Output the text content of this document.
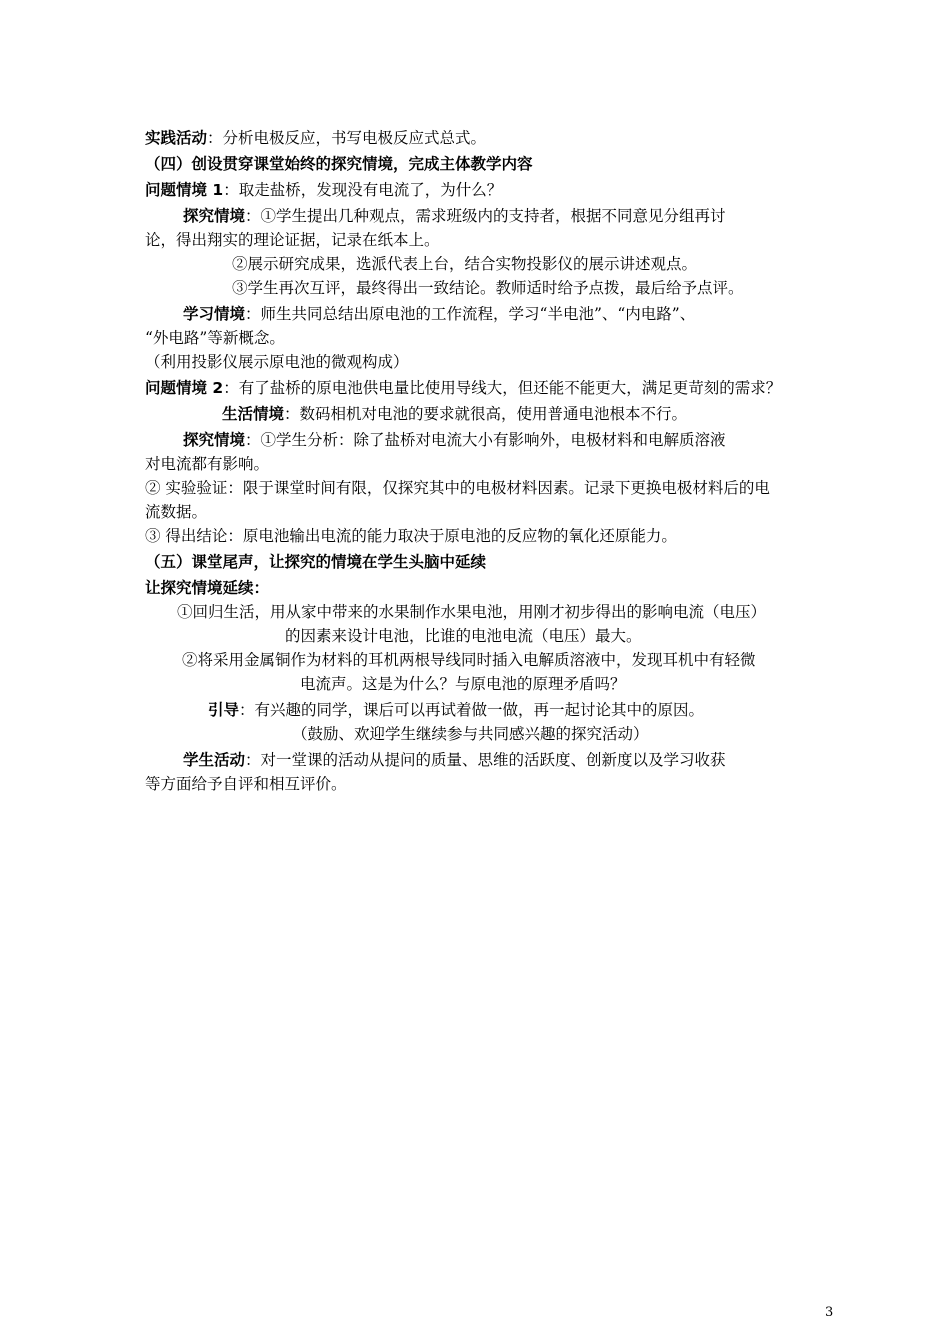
实践活动：分析电极反应，书写电极反应式总式。
（四）创设贯穿课堂始终的探究情境，完成主体教学内容
问题情境 1：取走盐桥，发现没有电流了，为什么？
探究情境：①学生提出几种观点，需求班级内的支持者，根据不同意见分组再讨
论，得出翔实的理论证据，记录在纸本上。
②展示研究成果，选派代表上台，结合实物投影仪的展示讲述观点。
③学生再次互评，最终得出一致结论。教师适时给予点拨，最后给予点评。
学习情境：师生共同总结出原电池的工作流程，学习“半电池”、“内电路”、
“外电路”等新概念。
（利用投影仪展示原电池的微观构成）
问题情境 2：有了盐桥的原电池供电量比使用导线大，但还能不能更大，满足更苛刻的需求？
生活情境：数码相机对电池的要求就很高，使用普通电池根本不行。
探究情境：①学生分析：除了盐桥对电流大小有影响外，电极材料和电解质溶液
对电流都有影响。
② 实验验证：限于课堂时间有限，仅探究其中的电极材料因素。记录下更换电极材料后的电
流数据。
③ 得出结论：原电池输出电流的能力取决于原电池的反应物的氧化还原能力。
（五）课堂尾声，让探究的情境在学生头脑中延续
让探究情境延续：
①回归生活，用从家中带来的水果制作水果电池，用刚才初步得出的影响电流（电压）
的因素来设计电池，比谁的电池电流（电压）最大。
②将采用金属铜作为材料的耳机两根导线同时插入电解质溶液中，发现耳机中有轻微
电流声。这是为什么？与原电池的原理矛盾吗？
引导：有兴趣的同学，课后可以再试着做一做，再一起讨论其中的原因。
（鼓励、欢迎学生继续参与共同感兴趣的探究活动）
学生活动：对一堂课的活动从提问的质量、思维的活跃度、创新度以及学习收获
等方面给予自评和相互评价。
3
